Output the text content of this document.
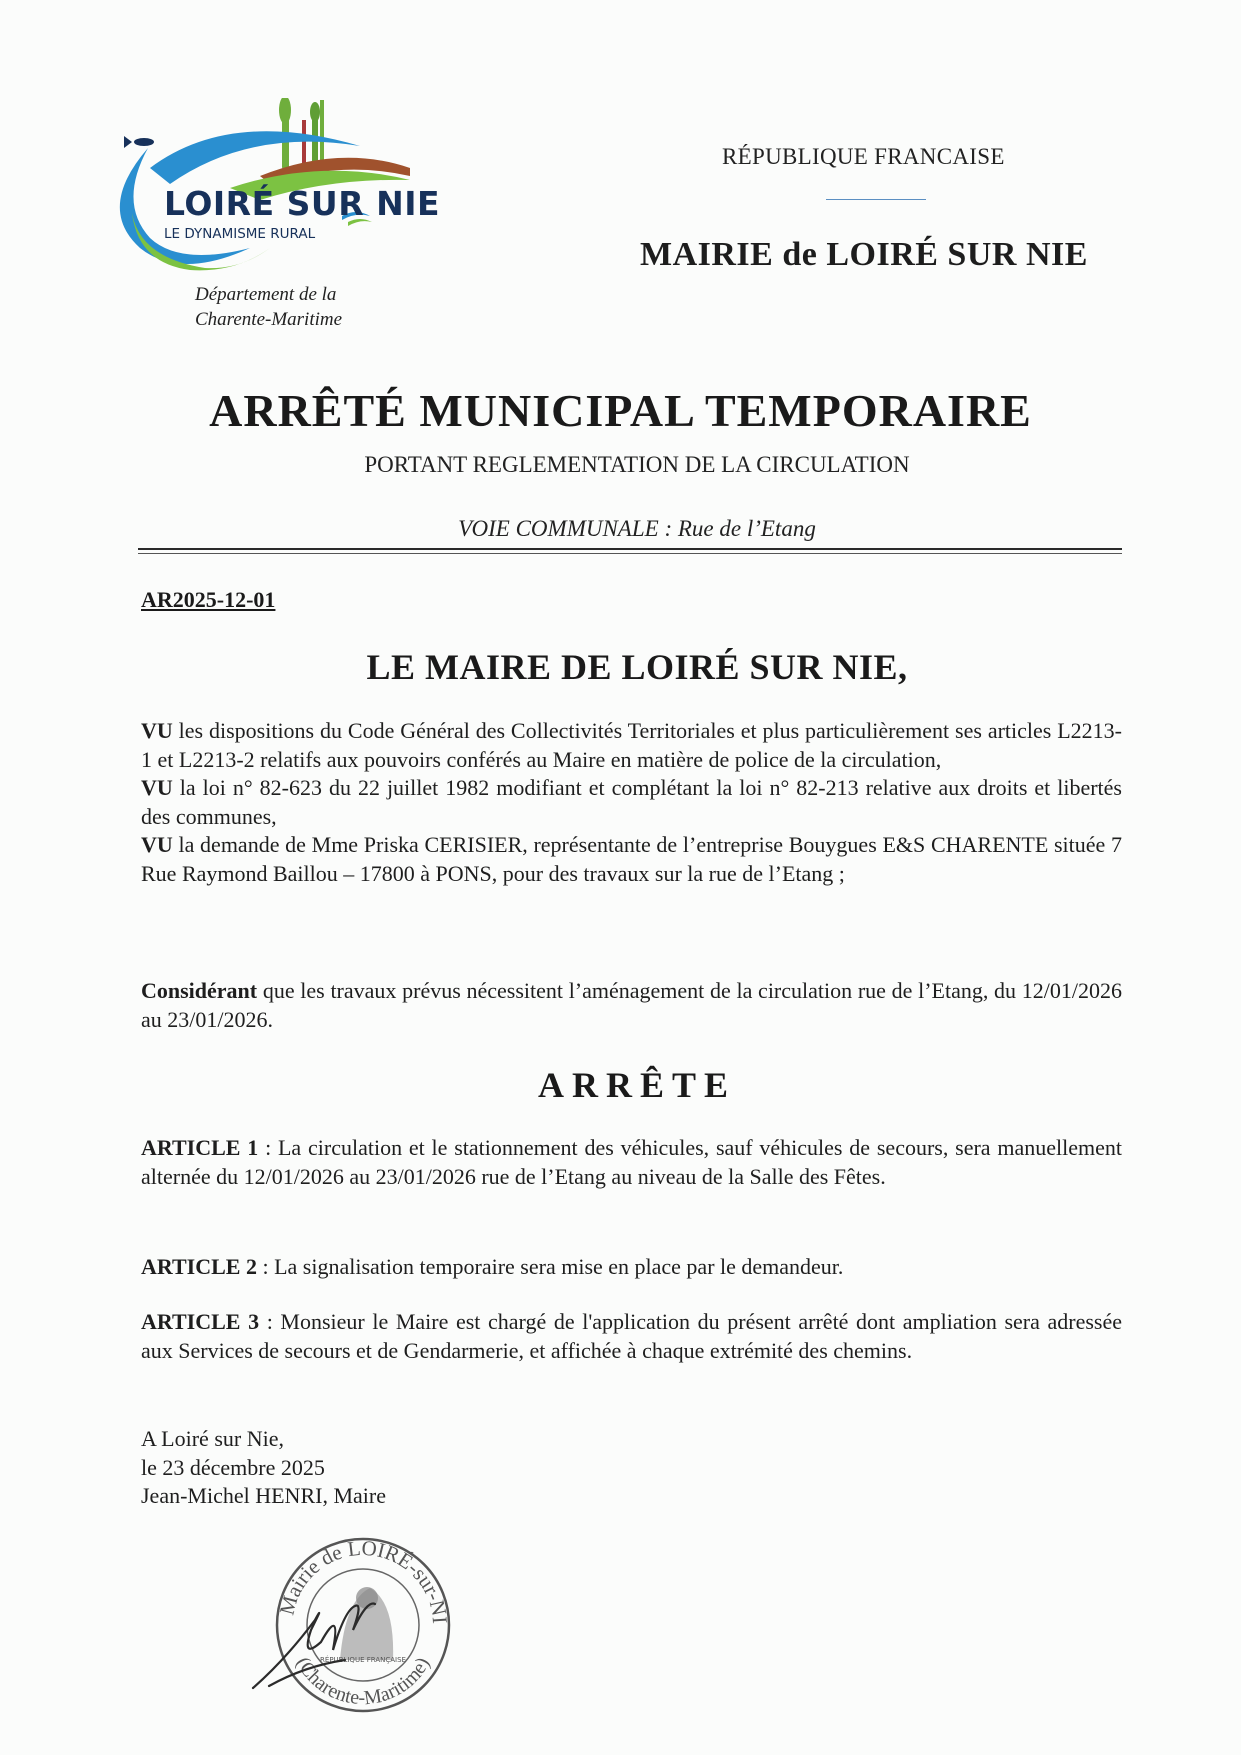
LOIRÉ SUR NIE
LE DYNAMISME RURAL
Département de la
Charente-Maritime
RÉPUBLIQUE FRANCAISE
MAIRIE de LOIRÉ SUR NIE
ARRÊTÉ MUNICIPAL TEMPORAIRE
PORTANT REGLEMENTATION DE LA CIRCULATION
VOIE COMMUNALE : Rue de l’Etang
AR2025-12-01
LE MAIRE DE LOIRÉ SUR NIE,

VU les dispositions du Code Général des Collectivités Territoriales et plus particulièrement ses articles L2213-1 et L2213-2 relatifs aux pouvoirs conférés au Maire en matière de police de la circulation,

VU la loi n° 82-623 du 22 juillet 1982 modifiant et complétant la loi n° 82-213 relative aux droits et libertés des communes,

VU la demande de Mme Priska CERISIER, représentante de l’entreprise Bouygues E&S CHARENTE située 7 Rue Raymond Baillou – 17800 à PONS, pour des travaux sur la rue de l’Etang ;

Considérant que les travaux prévus nécessitent l’aménagement de la circulation rue de l’Etang, du 12/01/2026 au 23/01/2026.
ARRÊTE
ARTICLE 1 : La circulation et le stationnement des véhicules, sauf véhicules de secours, sera manuellement alternée du 12/01/2026 au 23/01/2026 rue de l’Etang au niveau de la Salle des Fêtes.
ARTICLE 2 : La signalisation temporaire sera mise en place par le demandeur.
ARTICLE 3 : Monsieur le Maire est chargé de l'application du présent arrêté dont ampliation sera adressée aux Services de secours et de Gendarmerie, et affichée à chaque extrémité des chemins.
A Loiré sur Nie,
le 23 décembre 2025
Jean-Michel HENRI, Maire
Mairie de LOIRÉ-sur-NI
(Charente-Maritime)
RÉPUBLIQUE FRANÇAISE
